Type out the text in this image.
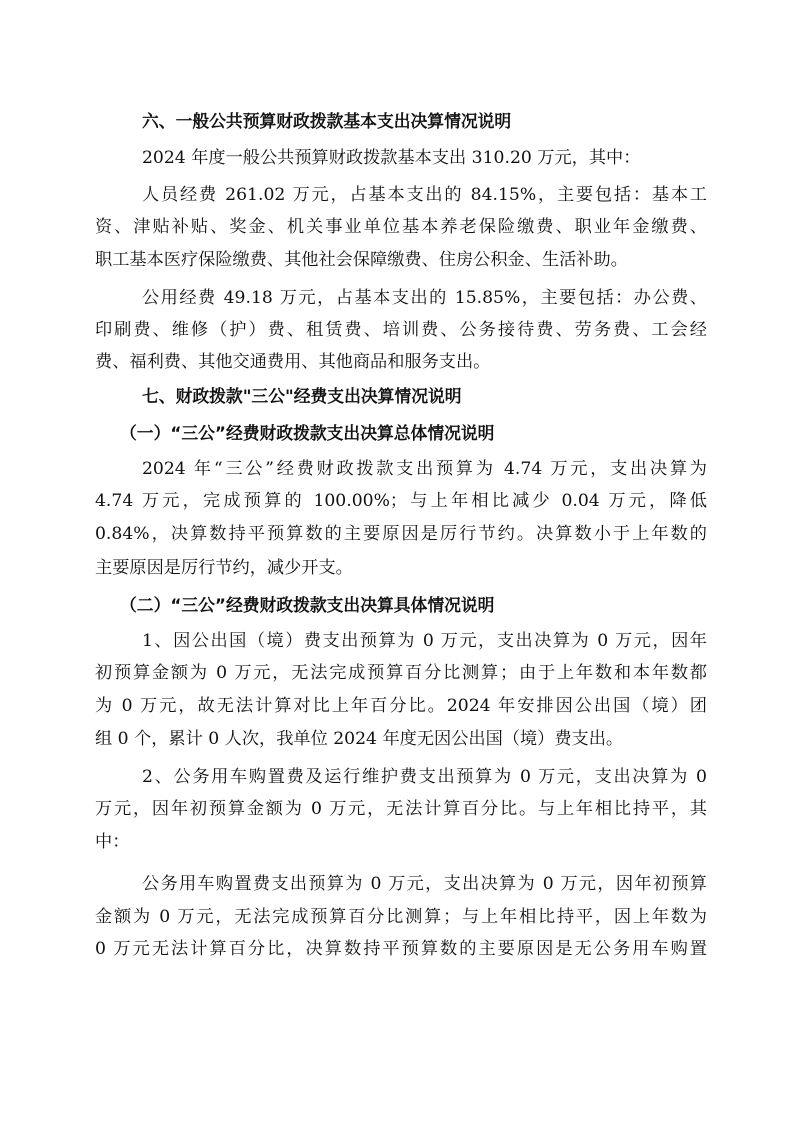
六、一般公共预算财政拨款基本支出决算情况说明
2024 年度一般公共预算财政拨款基本支出 310.20 万元，其中：
人员经费 261.02 万元，占基本支出的 84.15%，主要包括：基本工
资、津贴补贴、奖金、机关事业单位基本养老保险缴费、职业年金缴费、
职工基本医疗保险缴费、其他社会保障缴费、住房公积金、生活补助。
公用经费 49.18 万元，占基本支出的 15.85%，主要包括：办公费、
印刷费、维修（护）费、租赁费、培训费、公务接待费、劳务费、工会经
费、福利费、其他交通费用、其他商品和服务支出。
七、财政拨款"三公"经费支出决算情况说明
（一）“三公”经费财政拨款支出决算总体情况说明
2024 年“三公”经费财政拨款支出预算为 4.74 万元，支出决算为
4.74 万元，完成预算的 100.00%；与上年相比减少 0.04 万元，降低
0.84%，决算数持平预算数的主要原因是厉行节约。决算数小于上年数的
主要原因是厉行节约，减少开支。
（二）“三公”经费财政拨款支出决算具体情况说明
1、因公出国（境）费支出预算为 0 万元，支出决算为 0 万元，因年
初预算金额为 0 万元，无法完成预算百分比测算；由于上年数和本年数都
为 0 万元，故无法计算对比上年百分比。2024 年安排因公出国（境）团
组 0 个，累计 0 人次，我单位 2024 年度无因公出国（境）费支出。
2、公务用车购置费及运行维护费支出预算为 0 万元，支出决算为 0
万元，因年初预算金额为 0 万元，无法计算百分比。与上年相比持平，其
中：
公务用车购置费支出预算为 0 万元，支出决算为 0 万元，因年初预算
金额为 0 万元，无法完成预算百分比测算；与上年相比持平，因上年数为
0 万元无法计算百分比，决算数持平预算数的主要原因是无公务用车购置
